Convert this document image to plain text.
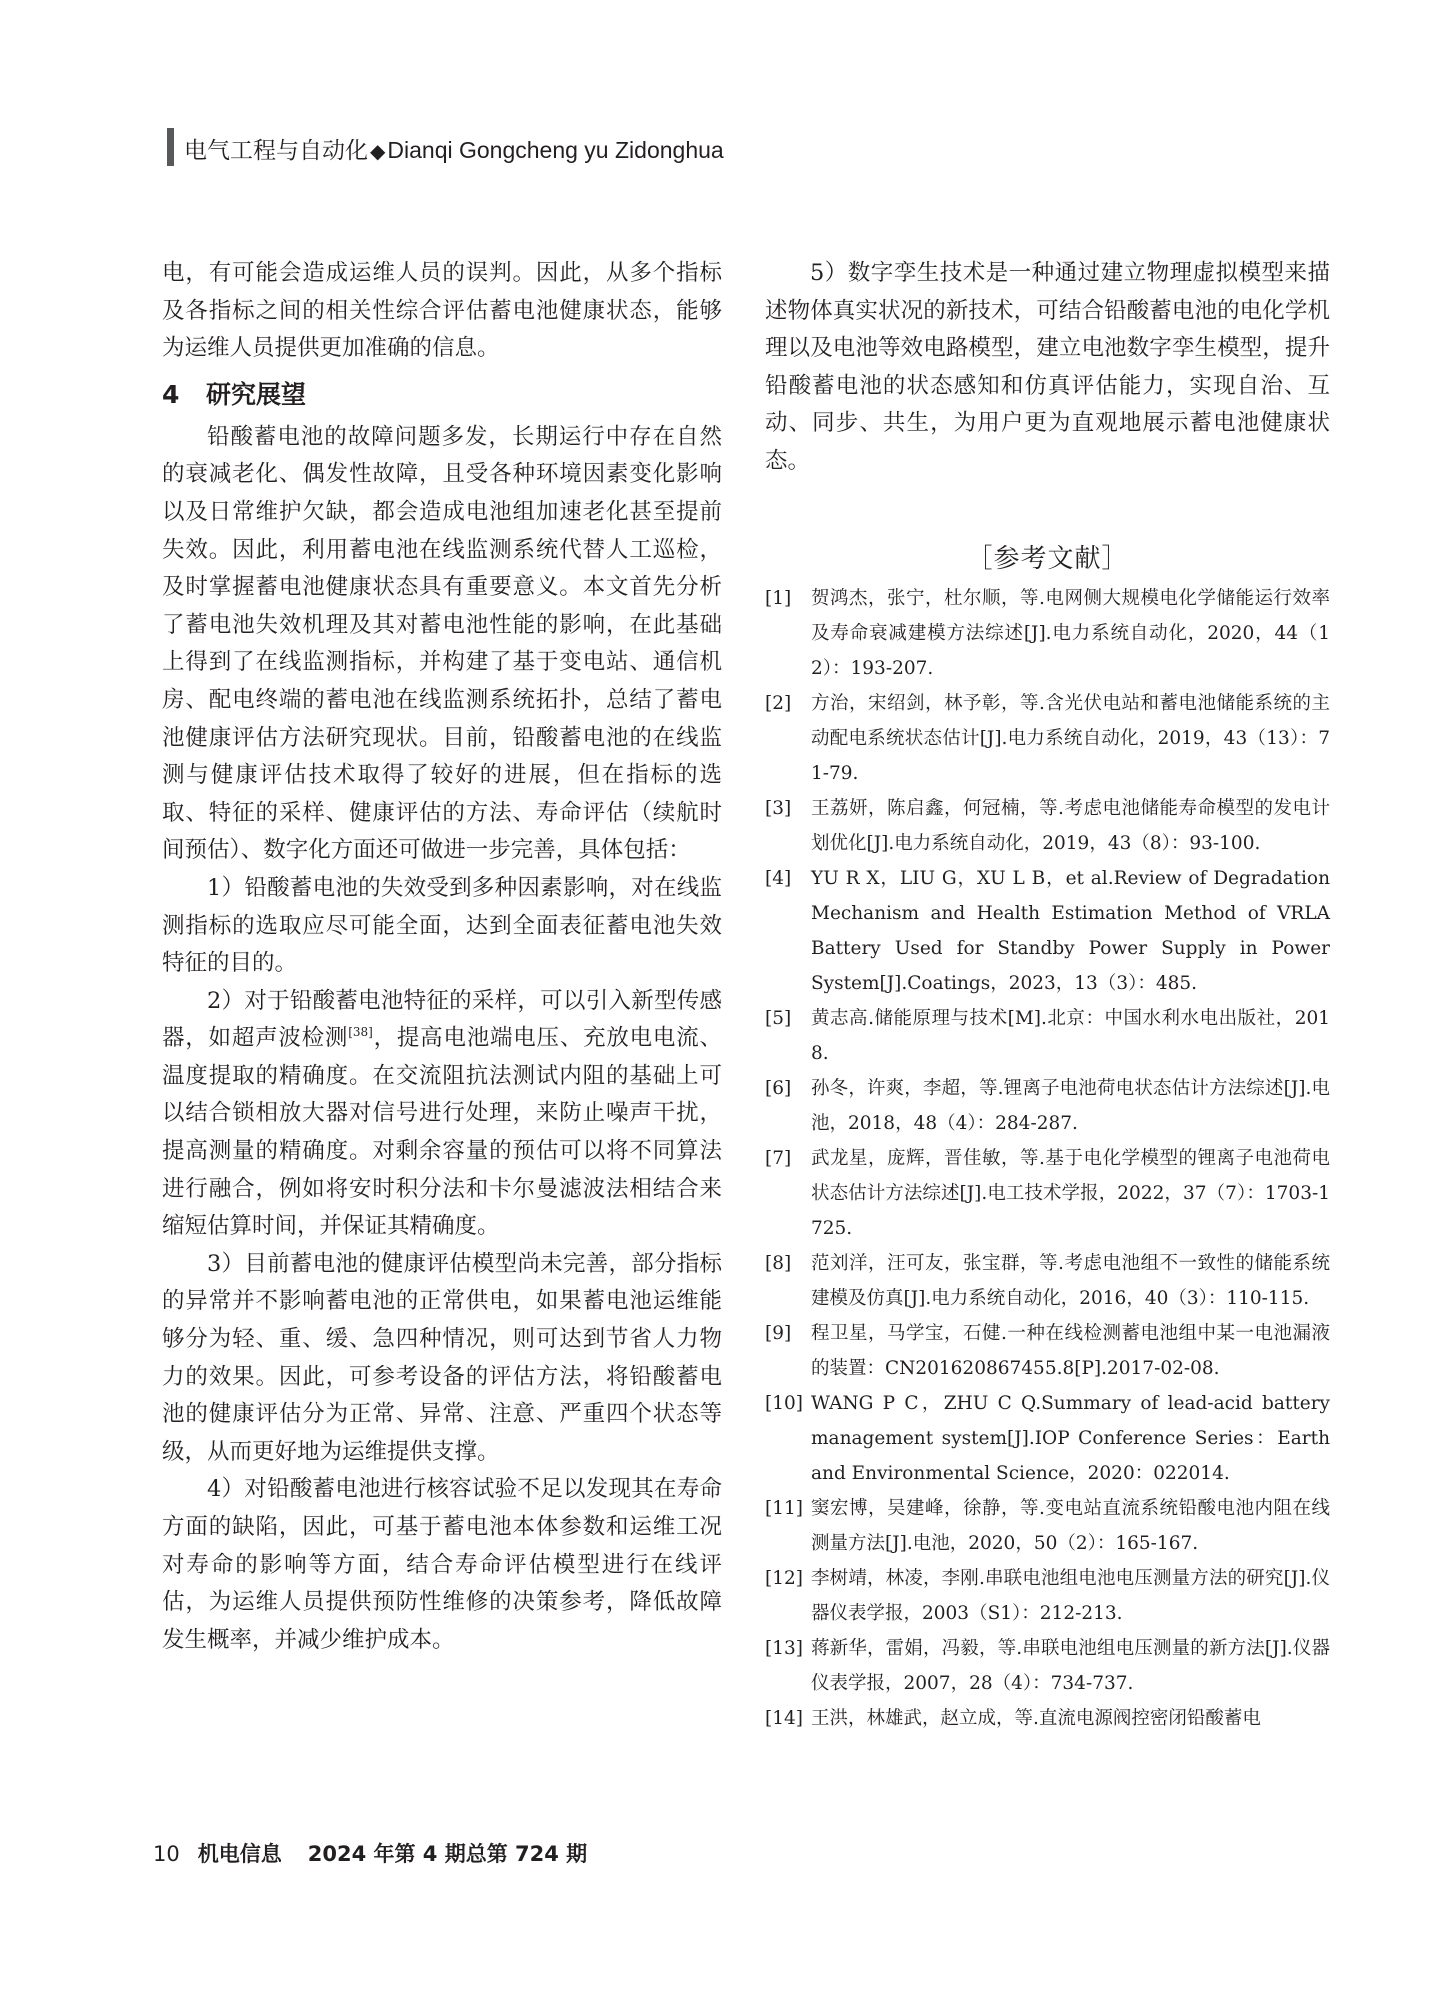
电气工程与自动化 ◆Dianqi Gongcheng yu Zidonghua

电，有可能会造成运维人员的误判。因此，从多个指标及各指标之间的相关性综合评估蓄电池健康状态，能够为运维人员提供更加准确的信息。

4 研究展望

铅酸蓄电池的故障问题多发，长期运行中存在自然的衰减老化、偶发性故障，且受各种环境因素变化影响以及日常维护欠缺，都会造成电池组加速老化甚至提前失效。因此，利用蓄电池在线监测系统代替人工巡检，及时掌握蓄电池健康状态具有重要意义。本文首先分析了蓄电池失效机理及其对蓄电池性能的影响，在此基础上得到了在线监测指标，并构建了基于变电站、通信机房、配电终端的蓄电池在线监测系统拓扑，总结了蓄电池健康评估方法研究现状。目前，铅酸蓄电池的在线监测与健康评估技术取得了较好的进展，但在指标的选取、特征的采样、健康评估的方法、寿命评估（续航时间预估）、数字化方面还可做进一步完善，具体包括：

1）铅酸蓄电池的失效受到多种因素影响，对在线监测指标的选取应尽可能全面，达到全面表征蓄电池失效特征的目的。

2）对于铅酸蓄电池特征的采样，可以引入新型传感器，如超声波检测[38]，提高电池端电压、充放电电流、温度提取的精确度。在交流阻抗法测试内阻的基础上可以结合锁相放大器对信号进行处理，来防止噪声干扰，提高测量的精确度。对剩余容量的预估可以将不同算法进行融合，例如将安时积分法和卡尔曼滤波法相结合来缩短估算时间，并保证其精确度。

3）目前蓄电池的健康评估模型尚未完善，部分指标的异常并不影响蓄电池的正常供电，如果蓄电池运维能够分为轻、重、缓、急四种情况，则可达到节省人力物力的效果。因此，可参考设备的评估方法，将铅酸蓄电池的健康评估分为正常、异常、注意、严重四个状态等级，从而更好地为运维提供支撑。

4）对铅酸蓄电池进行核容试验不足以发现其在寿命方面的缺陷，因此，可基于蓄电池本体参数和运维工况对寿命的影响等方面，结合寿命评估模型进行在线评估，为运维人员提供预防性维修的决策参考，降低故障发生概率，并减少维护成本。

5）数字孪生技术是一种通过建立物理虚拟模型来描述物体真实状况的新技术，可结合铅酸蓄电池的电化学机理以及电池等效电路模型，建立电池数字孪生模型，提升铅酸蓄电池的状态感知和仿真评估能力，实现自治、互动、同步、共生，为用户更为直观地展示蓄电池健康状态。

［参考文献］
[1]	贺鸿杰，张宁，杜尔顺，等.电网侧大规模电化学储能运行效率及寿命衰减建模方法综述[J].电力系统自动化，2020，44（12）：193-207.
[2]	方治，宋绍剑，林予彰，等.含光伏电站和蓄电池储能系统的主动配电系统状态估计[J].电力系统自动化，2019，43（13）：71-79.
[3]	王荔妍，陈启鑫，何冠楠，等.考虑电池储能寿命模型的发电计划优化[J].电力系统自动化，2019，43（8）：93-100.
[4]	YU R X，LIU G，XU L B，et al.Review of Degradation Mechanism and Health Estimation Method of VRLA Battery Used for Standby Power Supply in Power System[J].Coatings，2023，13（3）：485.
[5]	黄志高.储能原理与技术[M].北京：中国水利水电出版社，2018.
[6]	孙冬，许爽，李超，等.锂离子电池荷电状态估计方法综述[J].电池，2018，48（4）：284-287.
[7]	武龙星，庞辉，晋佳敏，等.基于电化学模型的锂离子电池荷电状态估计方法综述[J].电工技术学报，2022，37（7）：1703-1725.
[8]	范刘洋，汪可友，张宝群，等.考虑电池组不一致性的储能系统建模及仿真[J].电力系统自动化，2016，40（3）：110-115.
[9]	程卫星，马学宝，石健.一种在线检测蓄电池组中某一电池漏液的装置：CN201620867455.8[P].2017-02-08.
[10] WANG P C，ZHU C Q.Summary of lead-acid battery management system[J].IOP Conference Series：Earth and Environmental Science，2020：022014.
[11] 窦宏博，吴建峰，徐静，等.变电站直流系统铅酸电池内阻在线测量方法[J].电池，2020，50（2）：165-167.
[12] 李树靖，林凌，李刚.串联电池组电池电压测量方法的研究[J].仪器仪表学报，2003（S1）：212-213.
[13] 蒋新华，雷娟，冯毅，等.串联电池组电压测量的新方法[J].仪器仪表学报，2007，28（4）：734-737.
[14] 王洪，林雄武，赵立成，等.直流电源阀控密闭铅酸蓄电
10 机电信息 2024 年第 4 期总第 724 期
